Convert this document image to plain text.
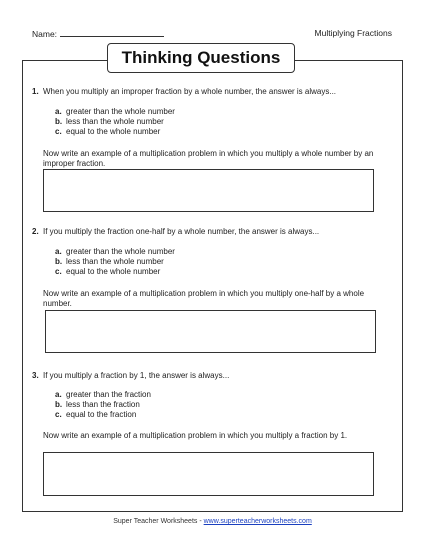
Name:	Multiplying Fractions
Thinking Questions
1. When you multiply an improper fraction by a whole number, the answer is always...
a. greater than the whole number
b. less than the whole number
c. equal to the whole number
Now write an example of a multiplication problem in which you multiply a whole number by an improper fraction.
2. If you multiply the fraction one-half by a whole number, the answer is always...
a. greater than the whole number
b. less than the whole number
c. equal to the whole number
Now write an example of a multiplication problem in which you multiply one-half by a whole number.
3. If you multiply a fraction by 1, the answer is always...
a. greater than the fraction
b. less than the fraction
c. equal to the fraction
Now write an example of a multiplication problem in which you multiply a fraction by 1.
Super Teacher Worksheets - www.superteacherworksheets.com
